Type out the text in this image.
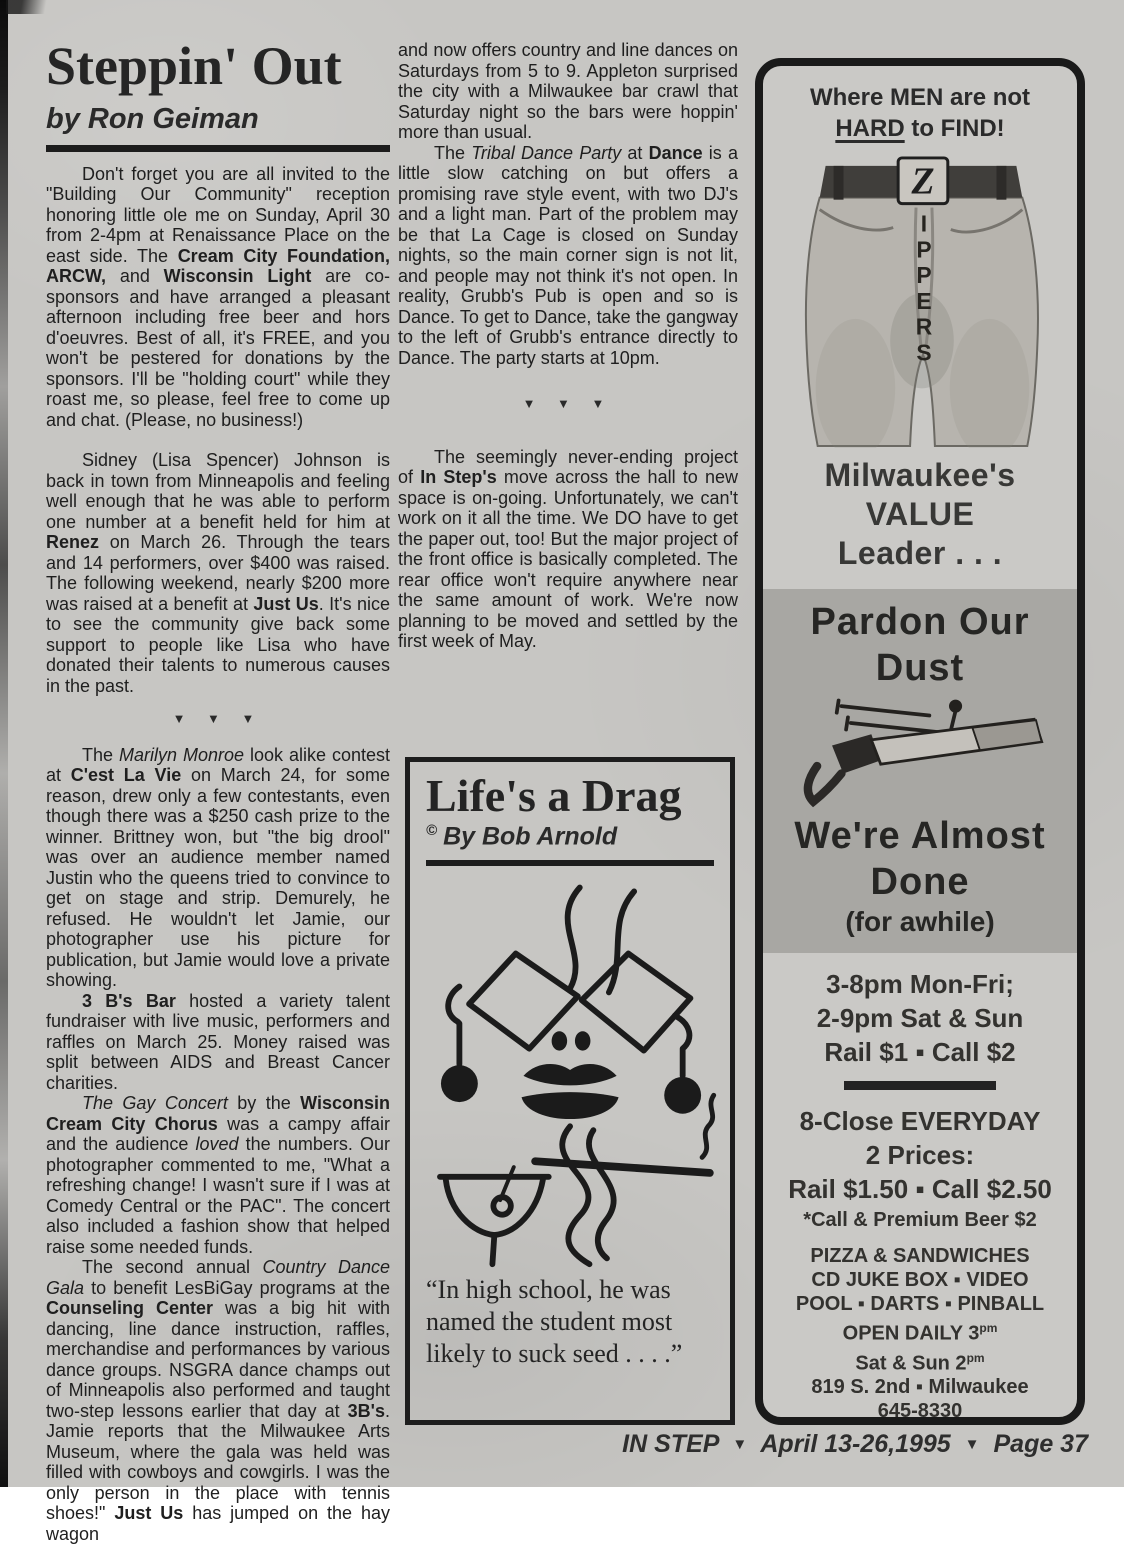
Steppin' Out
by Ron Geiman

Don't forget you are all invited to the "Building Our Community" reception honoring little ole me on Sunday, April 30 from 2-4pm at Renaissance Place on the east side. The Cream City Foundation, ARCW, and Wisconsin Light are co-sponsors and have arranged a pleasant afternoon including free beer and hors d'oeuvres. Best of all, it's FREE, and you won't be pestered for donations by the sponsors. I'll be "holding court" while they roast me, so please, feel free to come up and chat. (Please, no business!)

Sidney (Lisa Spencer) Johnson is back in town from Minneapolis and feeling well enough that he was able to perform one number at a benefit held for him at Renez on March 26. Through the tears and 14 performers, over $400 was raised. The following weekend, nearly $200 more was raised at a benefit at Just Us. It's nice to see the community give back some support to people like Lisa who have donated their talents to numerous causes in the past.

▼ ▼ ▼

The Marilyn Monroe look alike contest at C'est La Vie on March 24, for some reason, drew only a few contestants, even though there was a $250 cash prize to the winner. Brittney won, but "the big drool" was over an audience member named Justin who the queens tried to convince to get on stage and strip. Demurely, he refused. He wouldn't let Jamie, our photographer use his picture for publication, but Jamie would love a private showing.

3 B's Bar hosted a variety talent fundraiser with live music, performers and raffles on March 25. Money raised was split between AIDS and Breast Cancer charities.

The Gay Concert by the Wisconsin Cream City Chorus was a campy affair and the audience loved the numbers. Our photographer commented to me, "What a refreshing change! I wasn't sure if I was at Comedy Central or the PAC". The concert also included a fashion show that helped raise some needed funds.

The second annual Country Dance Gala to benefit LesBiGay programs at the Counseling Center was a big hit with dancing, line dance instruction, raffles, merchandise and performances by various dance groups. NSGRA dance champs out of Minneapolis also performed and taught two-step lessons earlier that day at 3B's. Jamie reports that the Milwaukee Arts Museum, where the gala was held was filled with cowboys and cowgirls. I was the only person in the place with tennis shoes!" Just Us has jumped on the hay wagon

and now offers country and line dances on Saturdays from 5 to 9. Appleton surprised the city with a Milwaukee bar crawl that Saturday night so the bars were hoppin' more than usual.

The Tribal Dance Party at Dance is a little slow catching on but offers a promising rave style event, with two DJ's and a light man. Part of the problem may be that La Cage is closed on Sunday nights, so the main corner sign is not lit, and people may not think it's not open. In reality, Grubb's Pub is open and so is Dance. To get to Dance, take the gangway to the left of Grubb's entrance directly to Dance. The party starts at 10pm.

▼ ▼ ▼

The seemingly never-ending project of In Step's move across the hall to new space is on-going. Unfortunately, we can't work on it all the time. We DO have to get the paper out, too! But the major project of the front office is basically completed. The rear office won't require anywhere near the same amount of work. We're now planning to be moved and settled by the first week of May.

Life's a Drag
© By Bob Arnold
“In high school, he was named the student most likely to suck seed . . . .”
Where MEN are not
HARD to FIND!
Z
I P P E R S
Milwaukee's
VALUE
Leader . . .
Pardon Our
Dust
We're Almost
Done
(for awhile)
3-8pm Mon-Fri;
2-9pm Sat & Sun
Rail $1 ▪ Call $2
8-Close EVERYDAY
2 Prices:
Rail $1.50 ▪ Call $2.50
*Call & Premium Beer $2
PIZZA & SANDWICHES
CD JUKE BOX ▪ VIDEO
POOL ▪ DARTS ▪ PINBALL
OPEN DAILY $3^{pm}$
Sat & Sun $2^{pm}$
819 S. 2nd ▪ Milwaukee
645-8330
IN STEP ▼ April 13-26,1995 ▼ Page 37
